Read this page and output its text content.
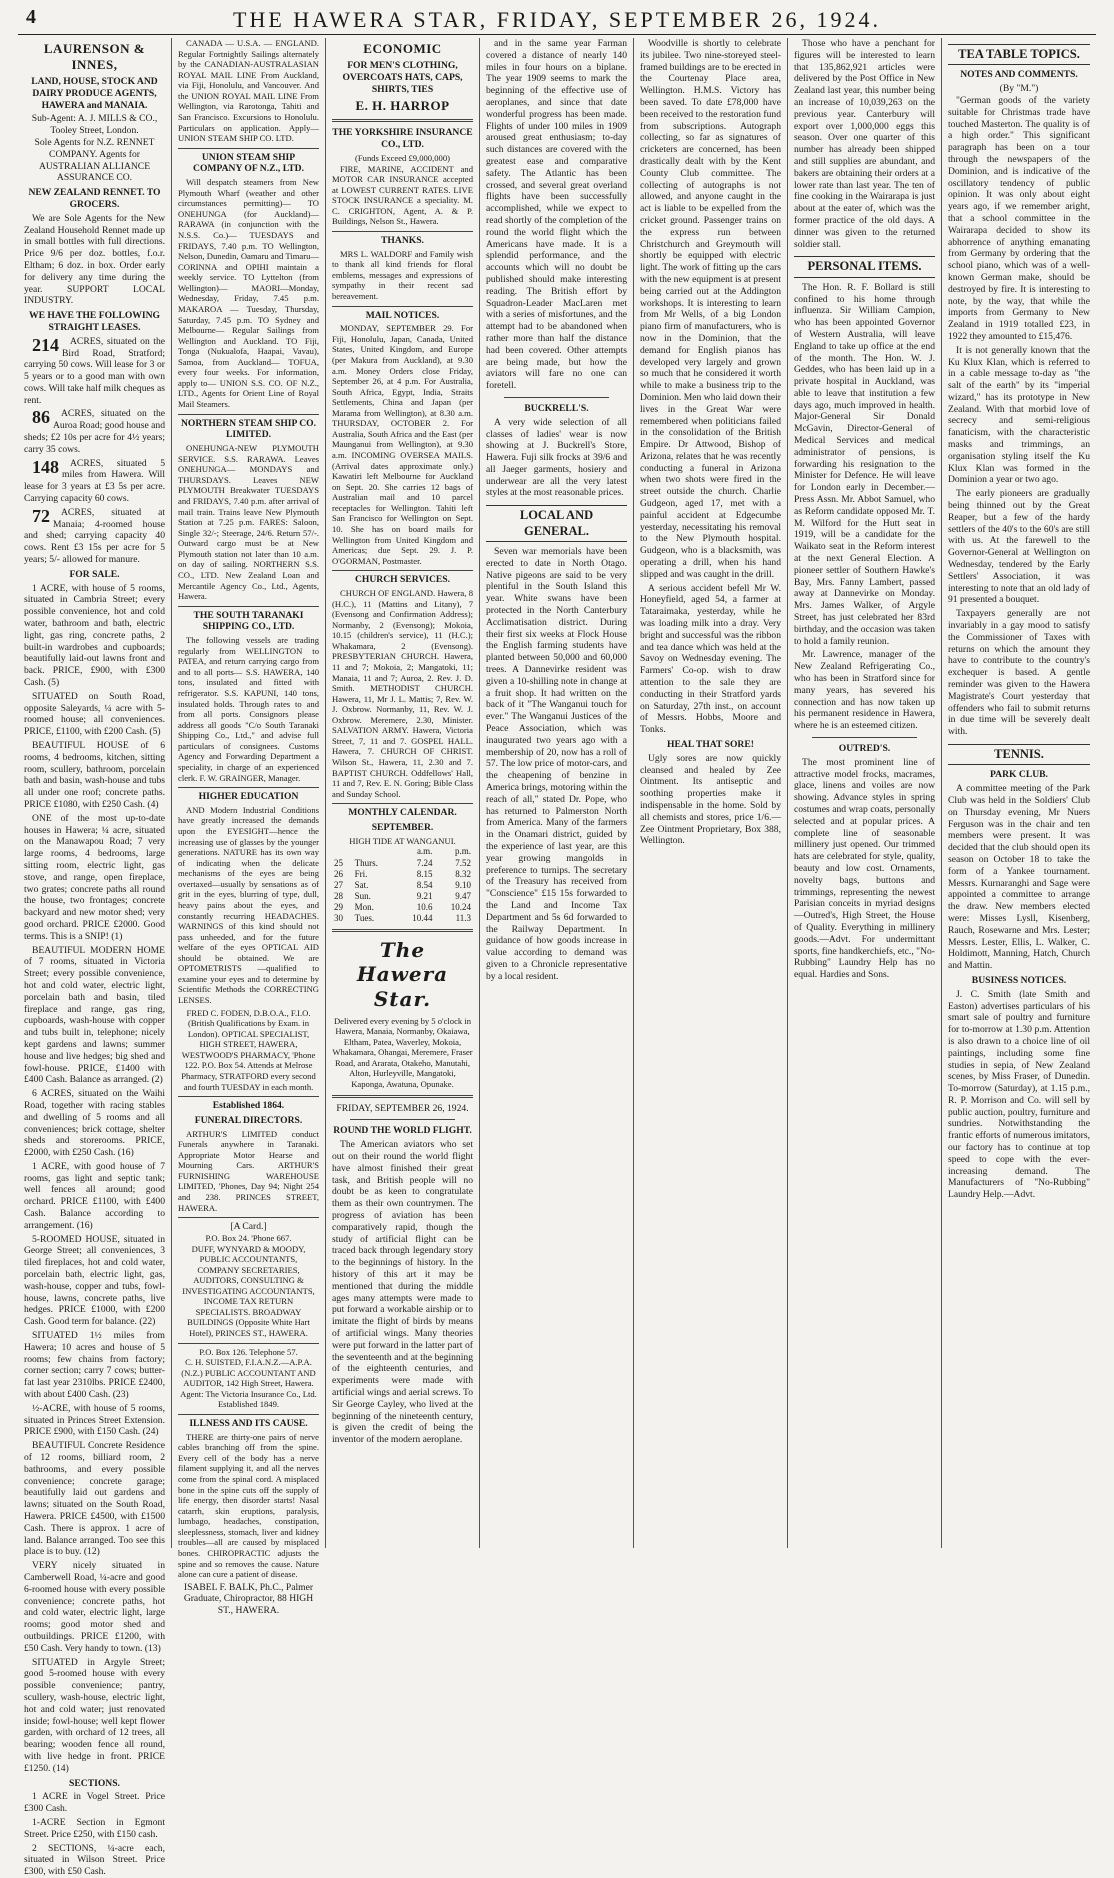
4	THE HAWERA STAR, FRIDAY, SEPTEMBER 26, 1924.
LAURENSON & INNES,
LAND, HOUSE, STOCK AND DAIRY PRODUCE AGENTS, HAWERA and MANAIA.
Sub-Agent: A. J. MILLS & CO., Tooley Street, London.
Sole Agents for N.Z. RENNET COMPANY. Agents for AUSTRALIAN ALLIANCE ASSURANCE CO.
NEW ZEALAND RENNET. TO GROCERS.

We are Sole Agents for the New Zealand Household Rennet made up in small bottles with full directions. Price 9/6 per doz. bottles, f.o.r. Eltham; 6 doz. in box. Order early for delivery any time during the year. SUPPORT LOCAL INDUSTRY.

WE HAVE THE FOLLOWING STRAIGHT LEASES.

214 ACRES, situated on the Bird Road, Stratford; carrying 50 cows. Will lease for 3 or 5 years or to a good man with own cows. Will take half milk cheques as rent.

86 ACRES, situated on the Auroa Road; good house and sheds; £2 10s per acre for 4½ years; carry 35 cows.

148 ACRES, situated 5 miles from Hawera. Will lease for 3 years at £3 5s per acre. Carrying capacity 60 cows.

72 ACRES, situated at Manaia; 4-roomed house and shed; carrying capacity 40 cows. Rent £3 15s per acre for 5 years; 5/- allowed for manure.

FOR SALE.

1 ACRE, with house of 5 rooms, situated in Cambria Street; every possible convenience, hot and cold water, bathroom and bath, electric light, gas ring, concrete paths, 2 built-in wardrobes and cupboards; beautifully laid-out lawns front and back. PRICE, £900, with £300 Cash. (5)

SITUATED on South Road, opposite Saleyards, ¼ acre with 5-roomed house; all conveniences. PRICE, £1100, with £200 Cash. (5)

BEAUTIFUL HOUSE of 6 rooms, 4 bedrooms, kitchen, sitting room, scullery, bathroom, porcelain bath and basin, wash-house and tubs all under one roof; concrete paths. PRICE £1080, with £250 Cash. (4)

ONE of the most up-to-date houses in Hawera; ¼ acre, situated on the Manawapou Road; 7 very large rooms, 4 bedrooms, large sitting room, electric light, gas stove, and range, open fireplace, two grates; concrete paths all round the house, two frontages; concrete backyard and new motor shed; very good orchard. PRICE £2000. Good terms. This is a SNIP! (1)

BEAUTIFUL MODERN HOME of 7 rooms, situated in Victoria Street; every possible convenience, hot and cold water, electric light, porcelain bath and basin, tiled fireplace and range, gas ring, cupboards, wash-house with copper and tubs built in, telephone; nicely kept gardens and lawns; summer house and live hedges; big shed and fowl-house. PRICE, £1400 with £400 Cash. Balance as arranged. (2)

6 ACRES, situated on the Waihi Road, together with racing stables and dwelling of 5 rooms and all conveniences; brick cottage, shelter sheds and storerooms. PRICE, £2000, with £250 Cash. (16)

1 ACRE, with good house of 7 rooms, gas light and septic tank; well fences all around; good orchard. PRICE £1100, with £400 Cash. Balance according to arrangement. (16)

5-ROOMED HOUSE, situated in George Street; all conveniences, 3 tiled fireplaces, hot and cold water, porcelain bath, electric light, gas, wash-house, copper and tubs, fowl-house, lawns, concrete paths, live hedges. PRICE £1000, with £200 Cash. Good term for balance. (22)

SITUATED 1½ miles from Hawera; 10 acres and house of 5 rooms; few chains from factory; corner section; carry 7 cows; butter-fat last year 2310lbs. PRICE £2400, with about £400 Cash. (23)

½-ACRE, with house of 5 rooms, situated in Princes Street Extension. PRICE £900, with £150 Cash. (24)

BEAUTIFUL Concrete Residence of 12 rooms, billiard room, 2 bathrooms, and every possible convenience; concrete garage; beautifully laid out gardens and lawns; situated on the South Road, Hawera. PRICE £4500, with £1500 Cash. There is approx. 1 acre of land. Balance arranged. Too see this place is to buy. (12)

VERY nicely situated in Camberwell Road, ¼-acre and good 6-roomed house with every possible convenience; concrete paths, hot and cold water, electric light, large rooms; good motor shed and outbuildings. PRICE £1200, with £50 Cash. Very handy to town. (13)

SITUATED in Argyle Street; good 5-roomed house with every possible convenience; pantry, scullery, wash-house, electric light, hot and cold water; just renovated inside; fowl-house; well kept flower garden, with orchard of 12 trees, all bearing; wooden fence all round, with live hedge in front. PRICE £1250. (14)

SECTIONS.

1 ACRE in Vogel Street. Price £300 Cash.

1-ACRE Section in Egmont Street. Price £250, with £150 cash.

2 SECTIONS, ¼-acre each, situated in Wilson Street. Price £300, with £50 Cash.

CANADA — U.S.A. — ENGLAND. Regular Fortnightly Sailings alternately by the CANADIAN-AUSTRALASIAN ROYAL MAIL LINE From Auckland, via Fiji, Honolulu, and Vancouver. And the UNION ROYAL MAIL LINE From Wellington, via Rarotonga, Tahiti and San Francisco. Excursions to Honolulu. Particulars on application. Apply— UNION STEAM SHIP CO. LTD.

UNION STEAM SHIP COMPANY OF N.Z., LTD.

Will despatch steamers from New Plymouth Wharf (weather and other circumstances permitting)— TO ONEHUNGA (for Auckland)— RARAWA (in conjunction with the N.S.S. Co.)— TUESDAYS and FRIDAYS, 7.40 p.m. TO Wellington, Nelson, Dunedin, Oamaru and Timaru— CORINNA and OPIHI maintain a weekly service. TO Lyttelton (from Wellington)— MAORI—Monday, Wednesday, Friday, 7.45 p.m. MAKAROA — Tuesday, Thursday, Saturday, 7.45 p.m. TO Sydney and Melbourne— Regular Sailings from Wellington and Auckland. TO Fiji, Tonga (Nukualofa, Haapai, Vavau), Samoa, from Auckland— TOFUA, every four weeks. For information, apply to— UNION S.S. CO. OF N.Z., LTD., Agents for Orient Line of Royal Mail Steamers.

NORTHERN STEAM SHIP CO. LIMITED.

ONEHUNGA-NEW PLYMOUTH SERVICE. S.S. RARAWA. Leaves ONEHUNGA— MONDAYS and THURSDAYS. Leaves NEW PLYMOUTH Breakwater TUESDAYS and FRIDAYS, 7.40 p.m. after arrival of mail train. Trains leave New Plymouth Station at 7.25 p.m. FARES: Saloon, Single 32/-; Steerage, 24/6. Return 57/-. Outward cargo must be at New Plymouth station not later than 10 a.m. on day of sailing. NORTHERN S.S. CO., LTD. New Zealand Loan and Mercantile Agency Co., Ltd., Agents, Hawera.

THE SOUTH TARANAKI SHIPPING CO., LTD.

The following vessels are trading regularly from WELLINGTON to PATEA, and return carrying cargo from and to all ports— S.S. HAWERA, 140 tons, insulated and fitted with refrigerator. S.S. KAPUNI, 140 tons, insulated holds. Through rates to and from all ports. Consignors please address all goods "C/o South Taranaki Shipping Co., Ltd.," and advise full particulars of consignees. Customs Agency and Forwarding Department a speciality, in charge of an experienced clerk. F. W. GRAINGER, Manager.

HIGHER EDUCATION

AND Modern Industrial Conditions have greatly increased the demands upon the EYESIGHT—hence the increasing use of glasses by the younger generations. NATURE has its own way of indicating when the delicate mechanisms of the eyes are being overtaxed—usually by sensations as of grit in the eyes, blurring of type, dull, heavy pains about the eyes, and constantly recurring HEADACHES. WARNINGS of this kind should not pass unheeded, and for the future welfare of the eyes OPTICAL AID should be obtained. We are OPTOMETRISTS —qualified to examine your eyes and to determine by Scientific Methods the CORRECTING LENSES.

FRED C. FODEN, D.B.O.A., F.I.O. (British Qualifications by Exam. in London). OPTICAL SPECIALIST, HIGH STREET, HAWERA, WESTWOOD'S PHARMACY, 'Phone 122. P.O. Box 54. Attends at Melrose Pharmacy, STRATFORD every second and fourth TUESDAY in each month.

Established 1864.
FUNERAL DIRECTORS.

ARTHUR'S LIMITED conduct Funerals anywhere in Taranaki. Appropriate Motor Hearse and Mourning Cars. ARTHUR'S FURNISHING WAREHOUSE LIMITED, 'Phones, Day 94; Night 254 and 238. PRINCES STREET, HAWERA.

[A Card.]
P.O. Box 24. 'Phone 667.

DUFF, WYNYARD & MOODY, PUBLIC ACCOUNTANTS, COMPANY SECRETARIES, AUDITORS, CONSULTING & INVESTIGATING ACCOUNTANTS, INCOME TAX RETURN SPECIALISTS. BROADWAY BUILDINGS (Opposite White Hart Hotel), PRINCES ST., HAWERA.

P.O. Box 126. Telephone 57.

C. H. SUISTED, F.I.A.N.Z.—A.P.A. (N.Z.) PUBLIC ACCOUNTANT AND AUDITOR, 142 High Street, Hawera. Agent: The Victoria Insurance Co., Ltd. Established 1849.

ILLNESS AND ITS CAUSE.

THERE are thirty-one pairs of nerve cables branching off from the spine. Every cell of the body has a nerve filament supplying it, and all the nerves come from the spinal cord. A misplaced bone in the spine cuts off the supply of life energy, then disorder starts! Nasal catarrh, skin eruptions, paralysis, lumbago, headaches, constipation, sleeplessness, stomach, liver and kidney troubles—all are caused by misplaced bones. CHIROPRACTIC adjusts the spine and so removes the cause. Nature alone can cure a patient of disease.

ISABEL F. BALK, Ph.C., Palmer Graduate, Chiropractor, 88 HIGH ST., HAWERA.

ECONOMIC
FOR MEN'S CLOTHING, OVERCOATS HATS, CAPS, SHIRTS, TIES
E. H. HARROP
THE YORKSHIRE INSURANCE CO., LTD.
(Funds Exceed £9,000,000)

FIRE, MARINE, ACCIDENT and MOTOR CAR INSURANCE accepted at LOWEST CURRENT RATES. LIVE STOCK INSURANCE a speciality. M. C. CRIGHTON, Agent, A. & P. Buildings, Nelson St., Hawera.

THANKS.

MRS L. WALDORF and Family wish to thank all kind friends for floral emblems, messages and expressions of sympathy in their recent sad bereavement.

MAIL NOTICES.

MONDAY, SEPTEMBER 29. For Fiji, Honolulu, Japan, Canada, United States, United Kingdom, and Europe (per Makura from Auckland), at 9.30 a.m. Money Orders close Friday, September 26, at 4 p.m. For Australia, South Africa, Egypt, India, Straits Settlements, China and Japan (per Marama from Wellington), at 8.30 a.m. THURSDAY, OCTOBER 2. For Australia, South Africa and the East (per Maunganui from Wellington), at 9.30 a.m. INCOMING OVERSEA MAILS. (Arrival dates approximate only.) Kawatiri left Melbourne for Auckland on Sept. 20. She carries 12 bags of Australian mail and 10 parcel receptacles for Wellington. Tahiti left San Francisco for Wellington on Sept. 10. She has on board mails for Wellington from United Kingdom and Americas; due Sept. 29. J. P. O'GORMAN, Postmaster.

CHURCH SERVICES.

CHURCH OF ENGLAND. Hawera, 8 (H.C.), 11 (Mattins and Litany), 7 (Evensong and Confirmation Address); Normanby, 2 (Evensong); Mokoia, 10.15 (children's service), 11 (H.C.); Whakamara, 2 (Evensong). PRESBYTERIAN CHURCH. Hawera, 11 and 7; Mokoia, 2; Mangatoki, 11; Manaia, 11 and 7; Auroa, 2. Rev. J. D. Smith. METHODIST CHURCH. Hawera, 11, Mr J. L. Mattis; 7, Rev. W. J. Oxbrow. Normanby, 11, Rev. W. J. Oxbrow. Meremere, 2.30, Minister. SALVATION ARMY. Hawera, Victoria Street, 7, 11 and 7. GOSPEL HALL. Hawera, 7. CHURCH OF CHRIST. Wilson St., Hawera, 11, 2.30 and 7. BAPTIST CHURCH. Oddfellows' Hall, 11 and 7, Rev. E. N. Goring; Bible Class and Sunday School.

MONTHLY CALENDAR.
SEPTEMBER.
HIGH TIDE AT WANGANUI.
		a.m.	p.m.
25	Thurs.	7.24	7.52
26	Fri.	8.15	8.32
27	Sat.	8.54	9.10
28	Sun.	9.21	9.47
29	Mon.	10.6	10.24
30	Tues.	10.44	11.3
The Hawera Star.

Delivered every evening by 5 o'clock in Hawera, Manaia, Normanby, Okaiawa, Eltham, Patea, Waverley, Mokoia, Whakamara, Ohangai, Meremere, Fraser Road, and Ararata, Otakeho, Manutahi, Alton, Hurleyville, Mangatoki, Kaponga, Awatuna, Opunake.

FRIDAY, SEPTEMBER 26, 1924.
ROUND THE WORLD FLIGHT.

The American aviators who set out on their round the world flight have almost finished their great task, and British people will no doubt be as keen to congratulate them as their own countrymen. The progress of aviation has been comparatively rapid, though the study of artificial flight can be traced back through legendary story to the beginnings of history. In the history of this art it may be mentioned that during the middle ages many attempts were made to put forward a workable airship or to imitate the flight of birds by means of artificial wings. Many theories were put forward in the latter part of the seventeenth and at the beginning of the eighteenth centuries, and experiments were made with artificial wings and aerial screws. To Sir George Cayley, who lived at the beginning of the nineteenth century, is given the credit of being the inventor of the modern aeroplane.

and in the same year Farman covered a distance of nearly 140 miles in four hours on a biplane. The year 1909 seems to mark the beginning of the effective use of aeroplanes, and since that date wonderful progress has been made. Flights of under 100 miles in 1909 aroused great enthusiasm; to-day such distances are covered with the greatest ease and comparative safety. The Atlantic has been crossed, and several great overland flights have been successfully accomplished, while we expect to read shortly of the completion of the round the world flight which the Americans have made. It is a splendid performance, and the accounts which will no doubt be published should make interesting reading. The British effort by Squadron-Leader MacLaren met with a series of misfortunes, and the attempt had to be abandoned when rather more than half the distance had been covered. Other attempts are being made, but how the aviators will fare no one can foretell.

BUCKRELL'S.

A very wide selection of all classes of ladies' wear is now showing at J. Buckrell's Store, Hawera. Fuji silk frocks at 39/6 and all Jaeger garments, hosiery and underwear are all the very latest styles at the most reasonable prices.

LOCAL AND GENERAL.

Seven war memorials have been erected to date in North Otago. Native pigeons are said to be very plentiful in the South Island this year. White swans have been protected in the North Canterbury Acclimatisation district. During their first six weeks at Flock House the English farming students have planted between 50,000 and 60,000 trees. A Dannevirke resident was given a 10-shilling note in change at a fruit shop. It had written on the back of it "The Wanganui touch for ever." The Wanganui Justices of the Peace Association, which was inaugurated two years ago with a membership of 20, now has a roll of 57. The low price of motor-cars, and the cheapening of benzine in America brings, motoring within the reach of all," stated Dr. Pope, who has returned to Palmerston North from America. Many of the farmers in the Onamari district, guided by the experience of last year, are this year growing mangolds in preference to turnips. The secretary of the Treasury has received from "Conscience" £15 15s forwarded to the Land and Income Tax Department and 5s 6d forwarded to the Railway Department. In guidance of how goods increase in value according to demand was given to a Chronicle representative by a local resident.

Woodville is shortly to celebrate its jubilee. Two nine-storeyed steel-framed buildings are to be erected in the Courtenay Place area, Wellington. H.M.S. Victory has been saved. To date £78,000 have been received to the restoration fund from subscriptions. Autograph collecting, so far as signatures of cricketers are concerned, has been drastically dealt with by the Kent County Club committee. The collecting of autographs is not allowed, and anyone caught in the act is liable to be expelled from the cricket ground. Passenger trains on the express run between Christchurch and Greymouth will shortly be equipped with electric light. The work of fitting up the cars with the new equipment is at present being carried out at the Addington workshops. It is interesting to learn from Mr Wells, of a big London piano firm of manufacturers, who is now in the Dominion, that the demand for English pianos has developed very largely and grown so much that he considered it worth while to make a business trip to the Dominion. Men who laid down their lives in the Great War were remembered when politicians failed in the consolidation of the British Empire. Dr Attwood, Bishop of Arizona, relates that he was recently conducting a funeral in Arizona when two shots were fired in the street outside the church. Charlie Gudgeon, aged 17, met with a painful accident at Edgecumbe yesterday, necessitating his removal to the New Plymouth hospital. Gudgeon, who is a blacksmith, was operating a drill, when his hand slipped and was caught in the drill.

A serious accident befell Mr W. Honeyfield, aged 54, a farmer at Tataraimaka, yesterday, while he was loading milk into a dray. Very bright and successful was the ribbon and tea dance which was held at the Savoy on Wednesday evening. The Farmers' Co-op. wish to draw attention to the sale they are conducting in their Stratford yards on Saturday, 27th inst., on account of Messrs. Hobbs, Moore and Tonks.

HEAL THAT SORE!

Ugly sores are now quickly cleansed and healed by Zee Ointment. Its antiseptic and soothing properties make it indispensable in the home. Sold by all chemists and stores, price 1/6.—Zee Ointment Proprietary, Box 388, Wellington.

Those who have a penchant for figures will be interested to learn that 135,862,921 articles were delivered by the Post Office in New Zealand last year, this number being an increase of 10,039,263 on the previous year. Canterbury will export over 1,000,000 eggs this season. Over one quarter of this number has already been shipped and still supplies are abundant, and bakers are obtaining their orders at a lower rate than last year. The ten of fine cooking in the Wairarapa is just about at the eater of, which was the former practice of the old days. A dinner was given to the returned soldier stall.

PERSONAL ITEMS.

The Hon. R. F. Bollard is still confined to his home through influenza. Sir William Campion, who has been appointed Governor of Western Australia, will leave England to take up office at the end of the month. The Hon. W. J. Geddes, who has been laid up in a private hospital in Auckland, was able to leave that institution a few days ago, much improved in health. Major-General Sir Donald McGavin, Director-General of Medical Services and medical administrator of pensions, is forwarding his resignation to the Minister for Defence. He will leave for London early in December.—Press Assn. Mr. Abbot Samuel, who as Reform candidate opposed Mr. T. M. Wilford for the Hutt seat in 1919, will be a candidate for the Waikato seat in the Reform interest at the next General Election. A pioneer settler of Southern Hawke's Bay, Mrs. Fanny Lambert, passed away at Dannevirke on Monday. Mrs. James Walker, of Argyle Street, has just celebrated her 83rd birthday, and the occasion was taken to hold a family reunion.

Mr. Lawrence, manager of the New Zealand Refrigerating Co., who has been in Stratford since for many years, has severed his connection and has now taken up his permanent residence in Hawera, where he is an esteemed citizen.

OUTRED'S.

The most prominent line of attractive model frocks, macrames, glace, linens and voiles are now showing. Advance styles in spring costumes and wrap coats, personally selected and at popular prices. A complete line of seasonable millinery just opened. Our trimmed hats are celebrated for style, quality, beauty and low cost. Ornaments, novelty bags, buttons and trimmings, representing the newest Parisian conceits in myriad designs—Outred's, High Street, the House of Quality. Everything in millinery goods.—Advt. For undermittant sports, fine handkerchiefs, etc., "No-Rubbing" Laundry Help has no equal. Hardies and Sons.

TEA TABLE TOPICS.
NOTES AND COMMENTS.
(By "M.")

"German goods of the variety suitable for Christmas trade have touched Masterton. The quality is of a high order." This significant paragraph has been on a tour through the newspapers of the Dominion, and is indicative of the oscillatory tendency of public opinion. It was only about eight years ago, if we remember aright, that a school committee in the Wairarapa decided to show its abhorrence of anything emanating from Germany by ordering that the school piano, which was of a well-known German make, should be destroyed by fire. It is interesting to note, by the way, that while the imports from Germany to New Zealand in 1919 totalled £23, in 1922 they amounted to £15,476.

It is not generally known that the Ku Klux Klan, which is referred to in a cable message to-day as "the salt of the earth" by its "imperial wizard," has its prototype in New Zealand. With that morbid love of secrecy and semi-religious fanaticism, with the characteristic masks and trimmings, an organisation styling itself the Ku Klux Klan was formed in the Dominion a year or two ago.

The early pioneers are gradually being thinned out by the Great Reaper, but a few of the hardy settlers of the 40's to the 60's are still with us. At the farewell to the Governor-General at Wellington on Wednesday, tendered by the Early Settlers' Association, it was interesting to note that an old lady of 91 presented a bouquet.

Taxpayers generally are not invariably in a gay mood to satisfy the Commissioner of Taxes with returns on which the amount they have to contribute to the country's exchequer is based. A gentle reminder was given to the Hawera Magistrate's Court yesterday that offenders who fail to submit returns in due time will be severely dealt with.

TENNIS.
PARK CLUB.

A committee meeting of the Park Club was held in the Soldiers' Club on Thursday evening, Mr Nuers Ferguson was in the chair and ten members were present. It was decided that the club should open its season on October 18 to take the form of a Yankee tournament. Messrs. Kurnaranghi and Sage were appointed a committee to arrange the draw. New members elected were: Misses Lysll, Kisenberg, Rauch, Rosewarne and Mrs. Lester; Messrs. Lester, Ellis, L. Walker, C. Holdimott, Manning, Hatch, Church and Mattin.

BUSINESS NOTICES.

J. C. Smith (late Smith and Easton) advertises particulars of his smart sale of poultry and furniture for to-morrow at 1.30 p.m. Attention is also drawn to a choice line of oil paintings, including some fine studies in sepia, of New Zealand scenes, by Miss Fraser, of Dunedin. To-morrow (Saturday), at 1.15 p.m., R. P. Morrison and Co. will sell by public auction, poultry, furniture and sundries. Notwithstanding the frantic efforts of numerous imitators, our factory has to continue at top speed to cope with the ever-increasing demand. The Manufacturers of "No-Rubbing" Laundry Help.—Advt.
